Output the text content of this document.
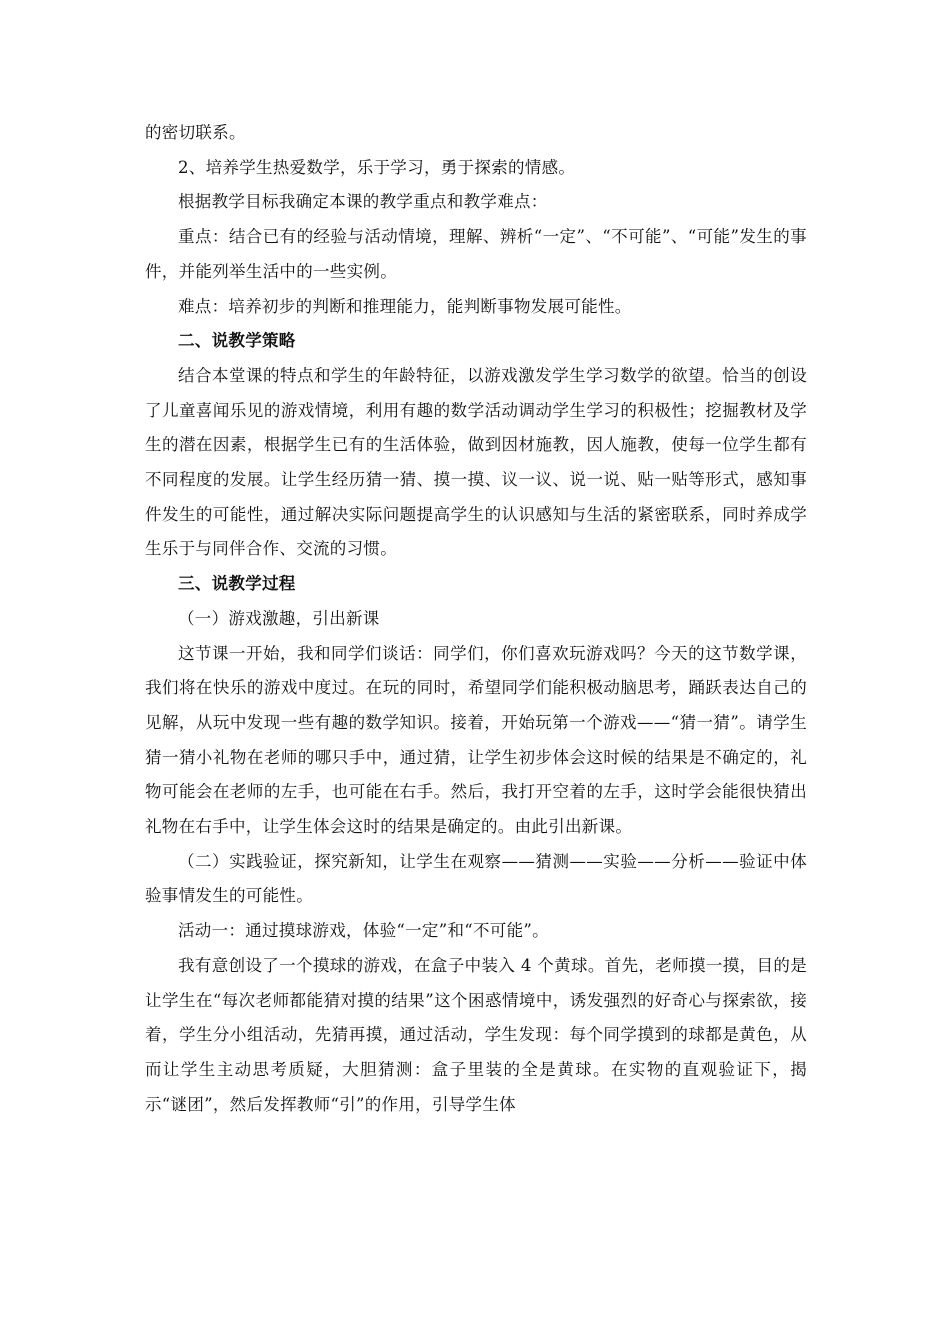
的密切联系。

2、培养学生热爱数学，乐于学习，勇于探索的情感。

根据教学目标我确定本课的教学重点和教学难点：

重点：结合已有的经验与活动情境，理解、辨析“一定”、“不可能”、“可能”发生的事件，并能列举生活中的一些实例。

难点：培养初步的判断和推理能力，能判断事物发展可能性。

二、说教学策略

结合本堂课的特点和学生的年龄特征，以游戏激发学生学习数学的欲望。恰当的创设了儿童喜闻乐见的游戏情境，利用有趣的数学活动调动学生学习的积极性；挖掘教材及学生的潜在因素，根据学生已有的生活体验，做到因材施教，因人施教，使每一位学生都有不同程度的发展。让学生经历猜一猜、摸一摸、议一议、说一说、贴一贴等形式，感知事件发生的可能性，通过解决实际问题提高学生的认识感知与生活的紧密联系，同时养成学生乐于与同伴合作、交流的习惯。

三、说教学过程

（一）游戏激趣，引出新课

这节课一开始，我和同学们谈话：同学们，你们喜欢玩游戏吗？今天的这节数学课，我们将在快乐的游戏中度过。在玩的同时，希望同学们能积极动脑思考，踊跃表达自己的见解，从玩中发现一些有趣的数学知识。接着，开始玩第一个游戏——“猜一猜”。请学生猜一猜小礼物在老师的哪只手中，通过猜，让学生初步体会这时候的结果是不确定的，礼物可能会在老师的左手，也可能在右手。然后，我打开空着的左手，这时学会能很快猜出礼物在右手中，让学生体会这时的结果是确定的。由此引出新课。

（二）实践验证，探究新知，让学生在观察——猜测——实验——分析——验证中体验事情发生的可能性。

活动一：通过摸球游戏，体验“一定”和“不可能”。

我有意创设了一个摸球的游戏，在盒子中装入 4 个黄球。首先，老师摸一摸，目的是让学生在“每次老师都能猜对摸的结果”这个困惑情境中，诱发强烈的好奇心与探索欲，接着，学生分小组活动，先猜再摸，通过活动，学生发现：每个同学摸到的球都是黄色，从而让学生主动思考质疑，大胆猜测：盒子里装的全是黄球。在实物的直观验证下，揭示“谜团”，然后发挥教师“引”的作用，引导学生体
